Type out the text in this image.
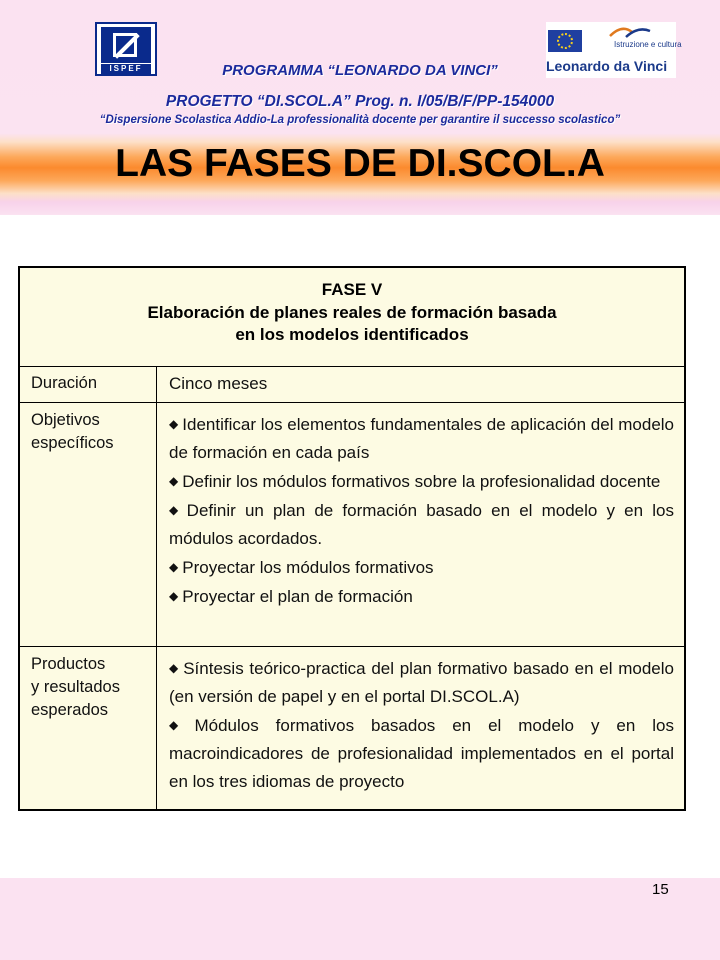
ISPEF
Istruzione e cultura
Leonardo da Vinci
PROGRAMMA “LEONARDO DA VINCI”
PROGETTO “DI.SCOL.A” Prog. n. I/05/B/F/PP-154000
“Dispersione Scolastica Addio-La professionalità docente per garantire il successo scolastico”
LAS FASES DE DI.SCOL.A
FASE V
Elaboración de planes reales de formación basada
en los modelos identificados
Duración	Cinco meses
Objetivos
específicos
◆ Identificar los elementos fundamentales de aplicación del modelo de formación en cada país
◆ Definir los módulos formativos sobre la profesionalidad docente
◆ Definir un plan de formación basado en el modelo y en los módulos acordados.
◆ Proyectar los módulos formativos
◆ Proyectar el plan de formación
Productos
y resultados
esperados
◆ Síntesis teórico-practica del plan formativo basado en el modelo (en versión de papel y en el portal DI.SCOL.A)
◆ Módulos formativos basados en el modelo y en los macroindicadores de profesionalidad implementados en el portal en los tres idiomas de proyecto
15
